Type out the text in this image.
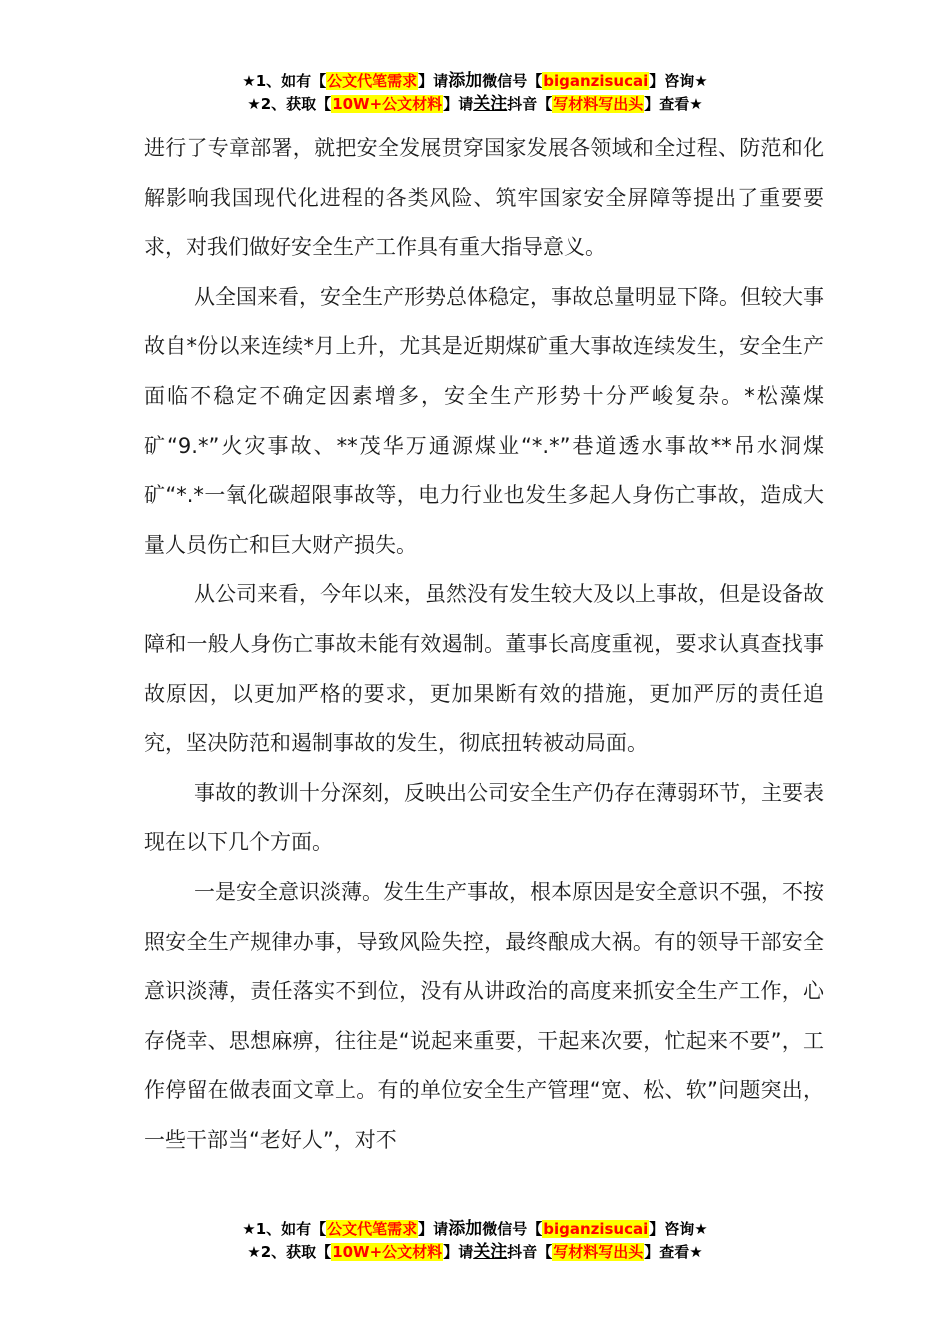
★1、如有【公文代笔需求】请添加微信号【biganzisucai】咨询★
★2、获取【10W+公文材料】请关注抖音【写材料写出头】查看★

进行了专章部署，就把安全发展贯穿国家发展各领域和全过程、防范和化解影响我国现代化进程的各类风险、筑牢国家安全屏障等提出了重要要求，对我们做好安全生产工作具有重大指导意义。

从全国来看，安全生产形势总体稳定，事故总量明显下降。但较大事故自*份以来连续*月上升，尤其是近期煤矿重大事故连续发生，安全生产面临不稳定不确定因素增多，安全生产形势十分严峻复杂。*松藻煤矿“9.*”火灾事故、**茂华万通源煤业“*.*”巷道透水事故**吊水洞煤矿“*.*一氧化碳超限事故等，电力行业也发生多起人身伤亡事故，造成大量人员伤亡和巨大财产损失。

从公司来看，今年以来，虽然没有发生较大及以上事故，但是设备故障和一般人身伤亡事故未能有效遏制。董事长高度重视，要求认真查找事故原因，以更加严格的要求，更加果断有效的措施，更加严厉的责任追究，坚决防范和遏制事故的发生，彻底扭转被动局面。

事故的教训十分深刻，反映出公司安全生产仍存在薄弱环节，主要表现在以下几个方面。

一是安全意识淡薄。发生生产事故，根本原因是安全意识不强，不按照安全生产规律办事，导致风险失控，最终酿成大祸。有的领导干部安全意识淡薄，责任落实不到位，没有从讲政治的高度来抓安全生产工作，心存侥幸、思想麻痹，往往是“说起来重要，干起来次要，忙起来不要”，工作停留在做表面文章上。有的单位安全生产管理“宽、松、软”问题突出，一些干部当“老好人”，对不

★1、如有【公文代笔需求】请添加微信号【biganzisucai】咨询★
★2、获取【10W+公文材料】请关注抖音【写材料写出头】查看★
